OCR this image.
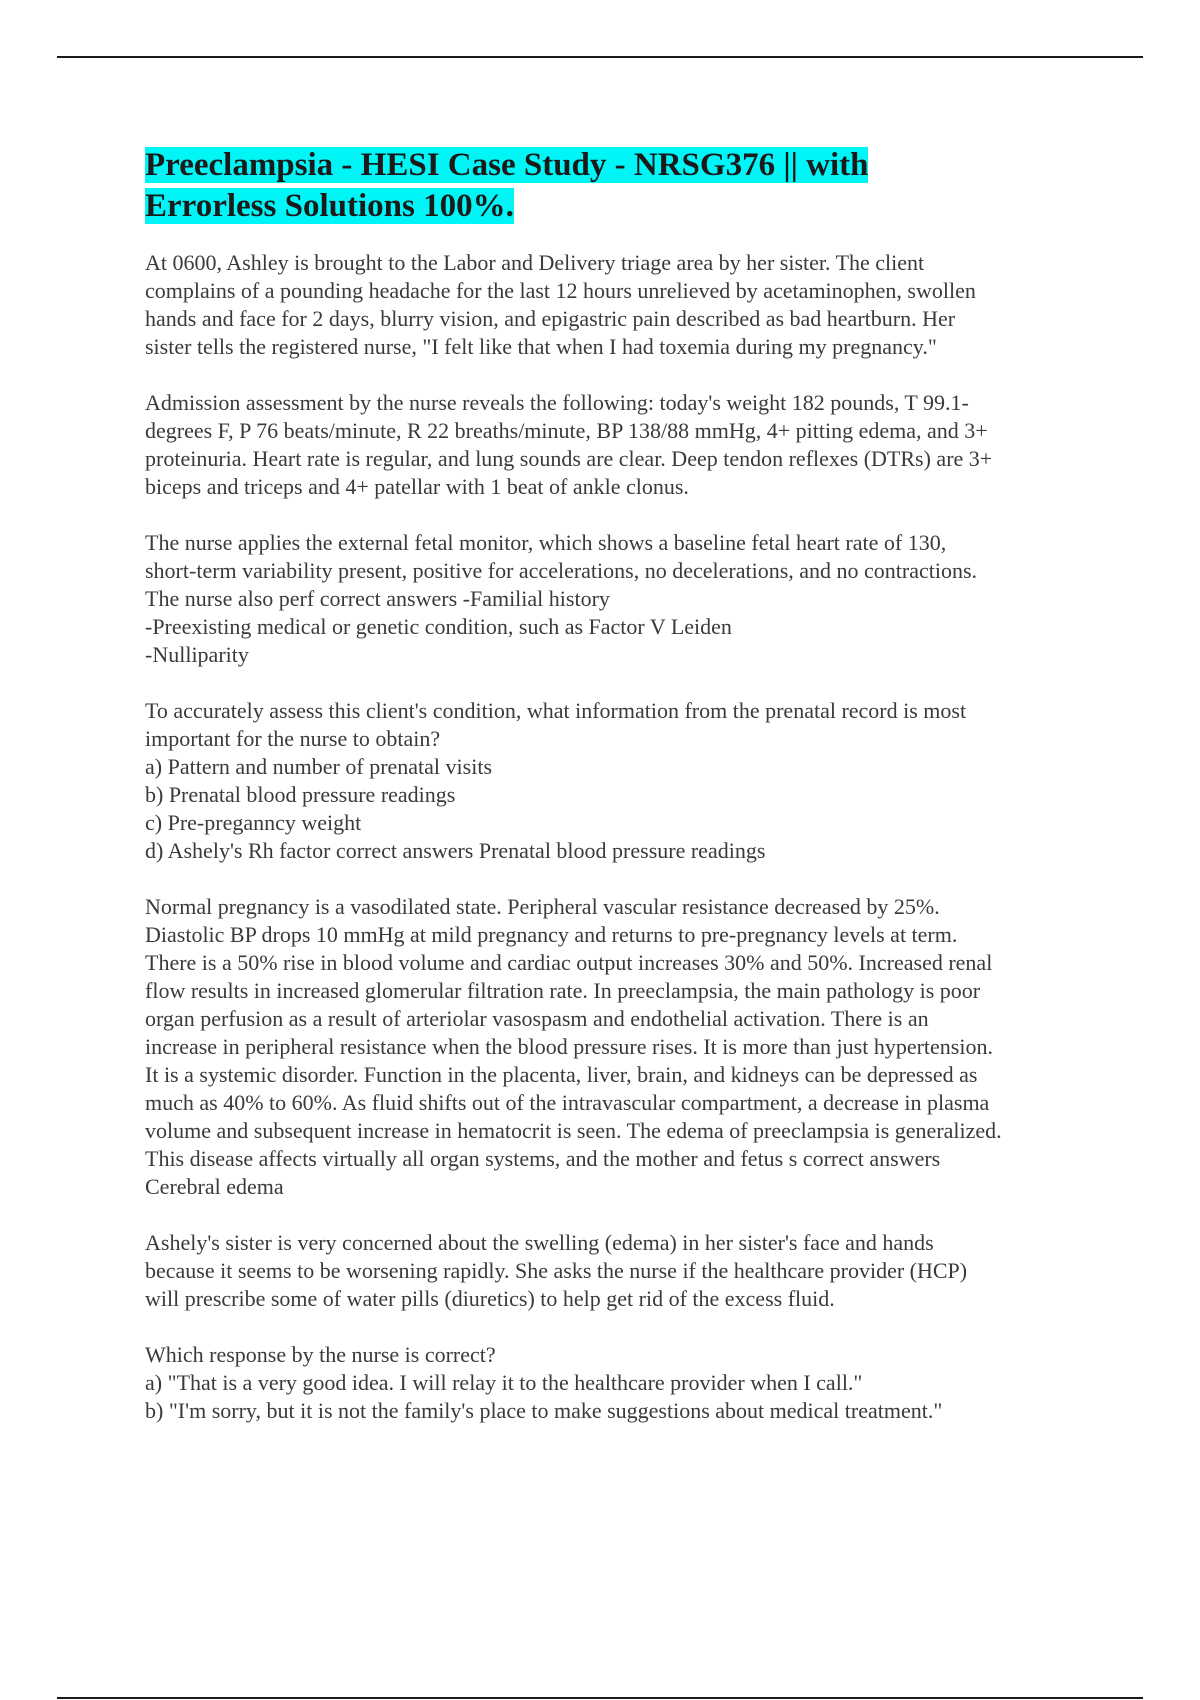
Preeclampsia - HESI Case Study - NRSG376 || with
Errorless Solutions 100%.
At 0600, Ashley is brought to the Labor and Delivery triage area by her sister. The client
complains of a pounding headache for the last 12 hours unrelieved by acetaminophen, swollen
hands and face for 2 days, blurry vision, and epigastric pain described as bad heartburn. Her
sister tells the registered nurse, "I felt like that when I had toxemia during my pregnancy."
Admission assessment by the nurse reveals the following: today's weight 182 pounds, T 99.1-
degrees F, P 76 beats/minute, R 22 breaths/minute, BP 138/88 mmHg, 4+ pitting edema, and 3+
proteinuria. Heart rate is regular, and lung sounds are clear. Deep tendon reflexes (DTRs) are 3+
biceps and triceps and 4+ patellar with 1 beat of ankle clonus.
The nurse applies the external fetal monitor, which shows a baseline fetal heart rate of 130,
short-term variability present, positive for accelerations, no decelerations, and no contractions.
The nurse also perf correct answers -Familial history
-Preexisting medical or genetic condition, such as Factor V Leiden
-Nulliparity
To accurately assess this client's condition, what information from the prenatal record is most
important for the nurse to obtain?
a) Pattern and number of prenatal visits
b) Prenatal blood pressure readings
c) Pre-preganncy weight
d) Ashely's Rh factor correct answers Prenatal blood pressure readings
Normal pregnancy is a vasodilated state. Peripheral vascular resistance decreased by 25%.
Diastolic BP drops 10 mmHg at mild pregnancy and returns to pre-pregnancy levels at term.
There is a 50% rise in blood volume and cardiac output increases 30% and 50%. Increased renal
flow results in increased glomerular filtration rate. In preeclampsia, the main pathology is poor
organ perfusion as a result of arteriolar vasospasm and endothelial activation. There is an
increase in peripheral resistance when the blood pressure rises. It is more than just hypertension.
It is a systemic disorder. Function in the placenta, liver, brain, and kidneys can be depressed as
much as 40% to 60%. As fluid shifts out of the intravascular compartment, a decrease in plasma
volume and subsequent increase in hematocrit is seen. The edema of preeclampsia is generalized.
This disease affects virtually all organ systems, and the mother and fetus s correct answers
Cerebral edema
Ashely's sister is very concerned about the swelling (edema) in her sister's face and hands
because it seems to be worsening rapidly. She asks the nurse if the healthcare provider (HCP)
will prescribe some of water pills (diuretics) to help get rid of the excess fluid.
Which response by the nurse is correct?
a) "That is a very good idea. I will relay it to the healthcare provider when I call."
b) "I'm sorry, but it is not the family's place to make suggestions about medical treatment."
